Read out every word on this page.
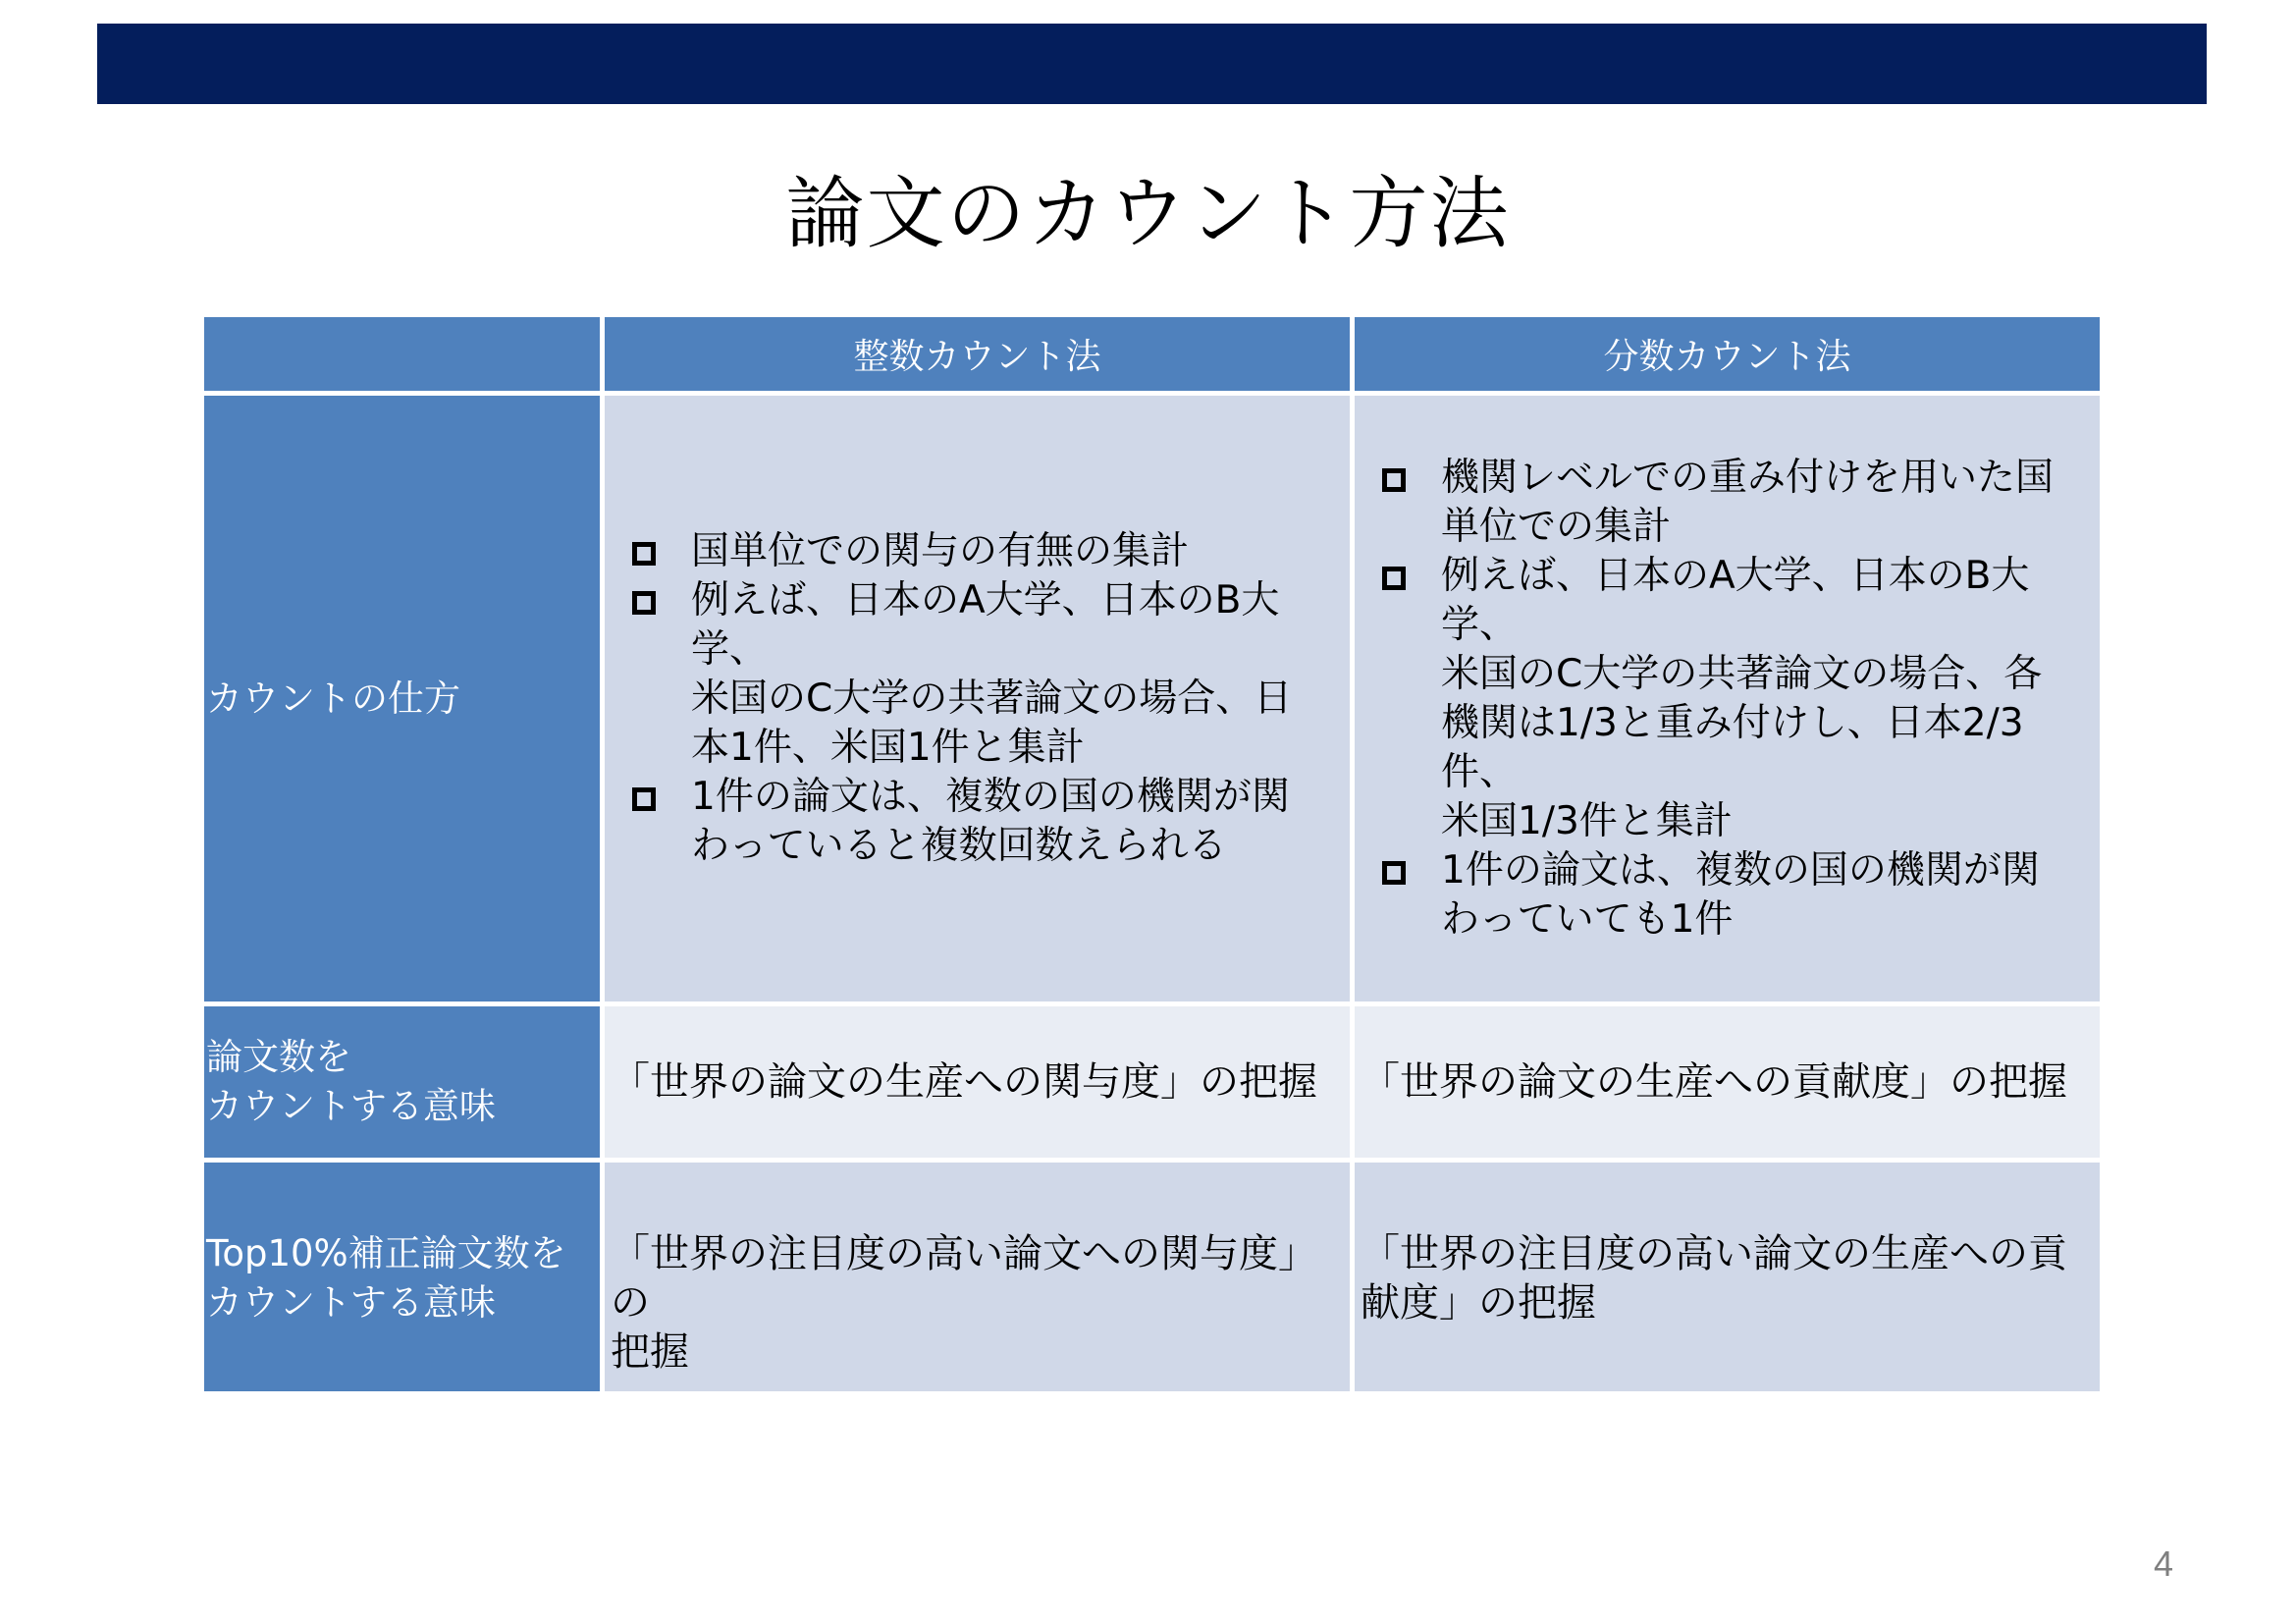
論文のカウント方法
整数カウント法	分数カウント法
カウントの仕方
国単位での関与の有無の集計
例えば、日本のA大学、日本のB大学、
米国のC大学の共著論文の場合、日
本1件、米国1件と集計
1件の論文は、複数の国の機関が関
わっていると複数回数えられる
機関レベルでの重み付けを用いた国
単位での集計
例えば、日本のA大学、日本のB大学、
米国のC大学の共著論文の場合、各
機関は1/3と重み付けし、日本2/3件、
米国1/3件と集計
1件の論文は、複数の国の機関が関
わっていても1件
論文数を
カウントする意味
「世界の論文の生産への関与度」の把握	「世界の論文の生産への貢献度」の把握
Top10%補正論文数を
カウントする意味
「世界の注目度の高い論文への関与度」の
把握
「世界の注目度の高い論文の生産への貢
献度」の把握
4
